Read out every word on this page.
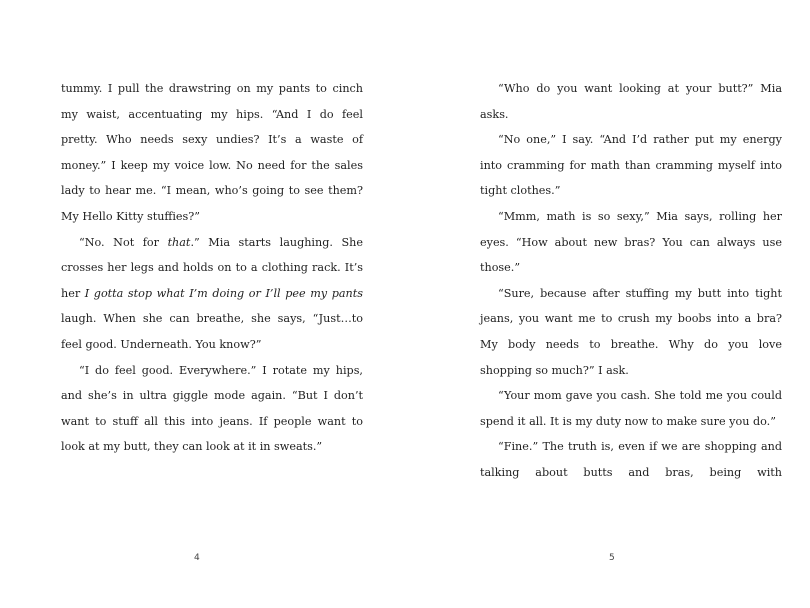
tummy. I pull the drawstring on my pants to cinch my waist, accentuating my hips. “And I do feel pretty. Who needs sexy undies? It’s a waste of money.” I keep my voice low. No need for the sales lady to hear me. “I mean, who’s going to see them? My Hello Kitty stuffies?”

“No. Not for that.” Mia starts laughing. She crosses her legs and holds on to a clothing rack. It’s her I gotta stop what I’m doing or I’ll pee my pants laugh. When she can breathe, she says, “Just…to feel good. Underneath. You know?”

“I do feel good. Everywhere.” I rotate my hips, and she’s in ultra giggle mode again. “But I don’t want to stuff all this into jeans. If people want to look at my butt, they can look at it in sweats.”

4

“Who do you want looking at your butt?” Mia asks.

“No one,” I say. “And I’d rather put my energy into cramming for math than cramming myself into tight clothes.”

“Mmm, math is so sexy,” Mia says, rolling her eyes. “How about new bras? You can always use those.”

“Sure, because after stuffing my butt into tight jeans, you want me to crush my boobs into a bra? My body needs to breathe. Why do you love shopping so much?” I ask.

“Your mom gave you cash. She told me you could spend it all. It is my duty now to make sure you do.”

“Fine.” The truth is, even if we are shopping and talking about butts and bras, being with

5
